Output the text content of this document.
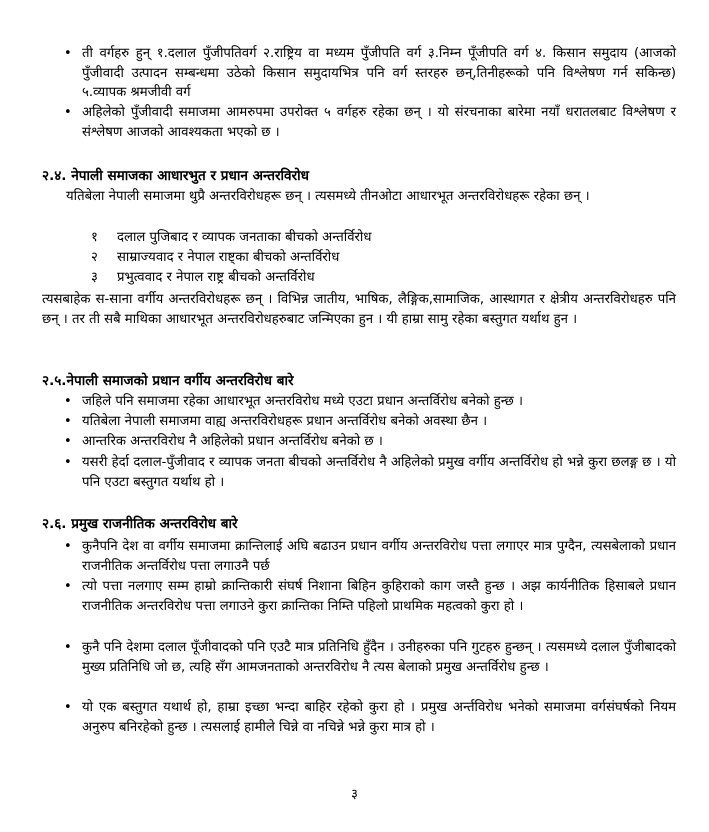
• ती वर्गहरु हुन् १.दलाल पुँजीपतिवर्ग २.राष्ट्रिय वा मध्यम पुँजीपति वर्ग ३.निम्न पूँजीपति वर्ग ४. किसान समुदाय (आजको पुँजीवादी उत्पादन सम्बन्धमा उठेको किसान समुदायभित्र पनि वर्ग स्तरहरु छन्,तिनीहरूको पनि विश्लेषण गर्न सकिन्छ) ५.व्यापक श्रमजीवी वर्ग
• अहिलेको पुँजीवादी समाजमा आमरुपमा उपरोक्त ५ वर्गहरु रहेका छन् । यो संरचनाका बारेमा नयाँ धरातलबाट विश्लेषण र संश्लेषण आजको आवश्यकता भएको छ ।
२.४. नेपाली समाजका आधारभुत र प्रधान अन्तरविरोध
यतिबेला नेपाली समाजमा थुप्रै अन्तरविरोधहरू छन् । त्यसमध्ये तीनओटा आधारभूत अन्तरविरोधहरू रहेका छन् ।
१ दलाल पुजिबाद र व्यापक जनताका बीचको अन्तर्विरोध
२ साम्राज्यवाद र नेपाल राष्ट्का बीचको अन्तर्विरोध
३ प्रभुत्ववाद र नेपाल राष्ट्र बीचको अन्तर्विरोध
त्यसबाहेक स-साना वर्गीय अन्तरविरोधहरू छन् । विभिन्न जातीय, भाषिक, लैङ्गिक,सामाजिक, आस्थागत र क्षेत्रीय अन्तरविरोधहरु पनि छन् । तर ती सबै माथिका आधारभूत अन्तरविरोधहरुबाट जन्मिएका हुन । यी हाम्रा सामु रहेका बस्तुगत यर्थाथ हुन ।
२.५.नेपाली समाजको प्रधान वर्गीय अन्तरविरोध बारे
• जहिले पनि समाजमा रहेका आधारभूत अन्तरविरोध मध्ये एउटा प्रधान अन्तर्विरोध बनेको हुन्छ ।
• यतिबेला नेपाली समाजमा वाह्य अन्तरविरोधहरू प्रधान अन्तर्विरोध बनेको अवस्था छैन ।
• आन्तरिक अन्तरविरोध नै अहिलेको प्रधान अन्तर्विरोध बनेको छ ।
• यसरी हेर्दा दलाल-पुँजीवाद र व्यापक जनता बीचको अन्तर्विरोध नै अहिलेको प्रमुख वर्गीय अन्तर्विरोध हो भन्ने कुरा छलङ्ग छ । यो पनि एउटा बस्तुगत यर्थाथ हो ।
२.६. प्रमुख राजनीतिक अन्तरविरोध बारे
• कुनैपनि देश वा वर्गीय समाजमा क्रान्तिलाई अघि बढाउन प्रधान वर्गीय अन्तरविरोध पत्ता लगाएर मात्र पुग्दैन, त्यसबेलाको प्रधान राजनीतिक अन्तर्विरोध पत्ता लगाउनै पर्छ
• त्यो पत्ता नलगाए सम्म हाम्रो क्रान्तिकारी संघर्ष निशाना बिहिन कुहिराको काग जस्तै हुन्छ । अझ कार्यनीतिक हिसाबले प्रधान राजनीतिक अन्तरविरोध पत्ता लगाउने कुरा क्रान्तिका निम्ति पहिलो प्राथमिक महत्वको कुरा हो ।
• कुनै पनि देशमा दलाल पूँजीवादको पनि एउटै मात्र प्रतिनिधि हुँदैन । उनीहरुका पनि गुटहरु हुन्छन् । त्यसमध्ये दलाल पुँजीबादको मुख्य प्रतिनिधि जो छ, त्यहि सँग आमजनताको अन्तरविरोध नै त्यस बेलाको प्रमुख अन्तर्विरोध हुन्छ ।
• यो एक बस्तुगत यथार्थ हो, हाम्रा इच्छा भन्दा बाहिर रहेको कुरा हो । प्रमुख अर्न्तविरोध भनेको समाजमा वर्गसंघर्षको नियम अनुरुप बनिरहेको हुन्छ । त्यसलाई हामीले चिन्ने वा नचिन्ने भन्ने कुरा मात्र हो ।
३
